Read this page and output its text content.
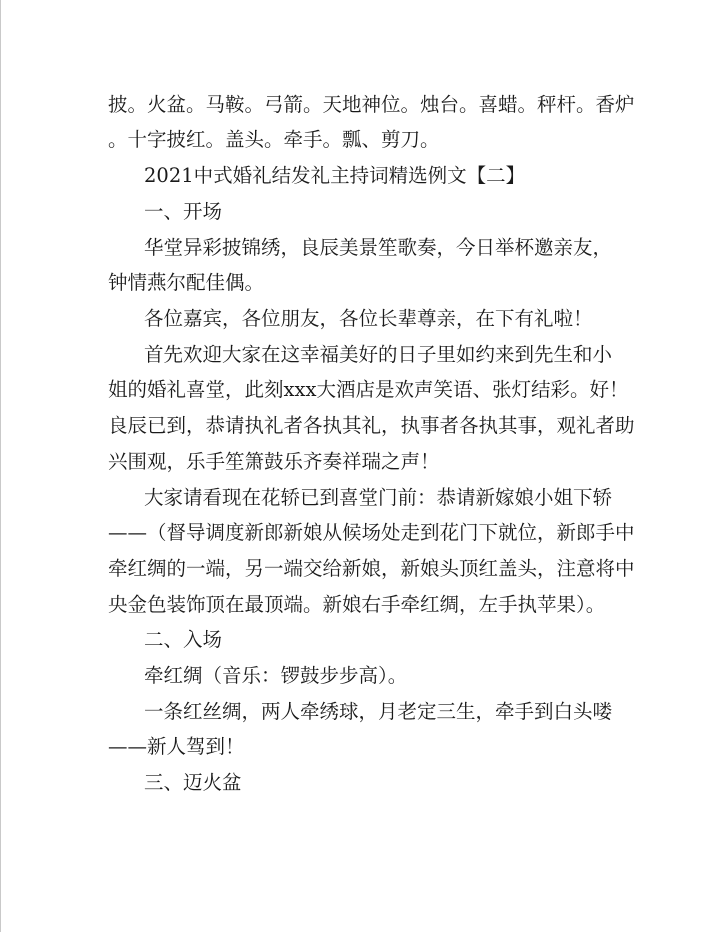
披。火盆。马鞍。弓箭。天地神位。烛台。喜蜡。秤杆。香炉
。十字披红。盖头。牵手。瓢、剪刀。
2021中式婚礼结发礼主持词精选例文【二】
一、开场
华堂异彩披锦绣，良辰美景笙歌奏，今日举杯邀亲友，
钟情燕尔配佳偶。
各位嘉宾，各位朋友，各位长辈尊亲，在下有礼啦！
首先欢迎大家在这幸福美好的日子里如约来到先生和小
姐的婚礼喜堂，此刻xxx大酒店是欢声笑语、张灯结彩。好！
良辰已到，恭请执礼者各执其礼，执事者各执其事，观礼者助
兴围观，乐手笙箫鼓乐齐奏祥瑞之声！
大家请看现在花轿已到喜堂门前：恭请新嫁娘小姐下轿
——（督导调度新郎新娘从候场处走到花门下就位，新郎手中
牵红绸的一端，另一端交给新娘，新娘头顶红盖头，注意将中
央金色装饰顶在最顶端。新娘右手牵红绸，左手执苹果）。
二、入场
牵红绸（音乐：锣鼓步步高）。
一条红丝绸，两人牵绣球，月老定三生，牵手到白头喽
——新人驾到！
三、迈火盆
